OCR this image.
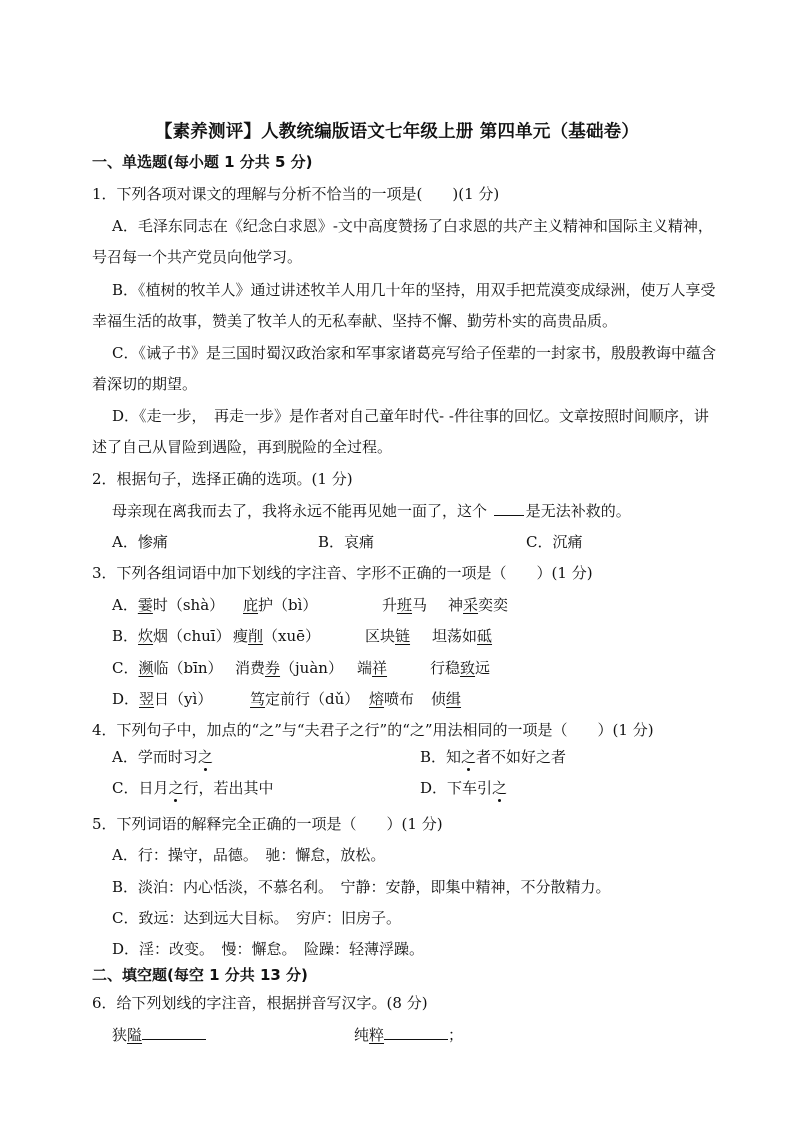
【素养测评】人教统编版语文七年级上册 第四单元（基础卷）
一、单选题(每小题 1 分共 5 分)
1．下列各项对课文的理解与分析不恰当的一项是(　　)(1 分)
A．毛泽东同志在《纪念白求恩》-文中高度赞扬了白求恩的共产主义精神和国际主义精神，
号召每一个共产党员向他学习。
B．《植树的牧羊人》通过讲述牧羊人用几十年的坚持，用双手把荒漠变成绿洲，使万人享受
幸福生活的故事，赞美了牧羊人的无私奉献、坚持不懈、勤劳朴实的高贵品质。
C．《诫子书》是三国时蜀汉政治家和军事家诸葛亮写给子侄辈的一封家书，殷殷教诲中蕴含
着深切的期望。
D．《走一步，　再走一步》是作者对自己童年时代- -件往事的回忆。文章按照时间顺序，讲
述了自己从冒险到遇险，再到脱险的全过程。
2．根据句子，选择正确的选项。(1 分)
母亲现在离我而去了，我将永远不能再见她一面了，这个	是无法补救的。
A．惨痛	B．哀痛	C．沉痛
3．下列各组词语中加下划线的字注音、字形不正确的一项是（　　）(1 分)
A．霎时（shà） 庇护（bì）	升班马 神采奕奕
B．炊烟（chuī） 瘦削（xuē）	区块链 坦荡如砥
C．濒临（bīn） 消费券（juàn） 端祥	行稳致远
D．翌日（yì）	笃定前行（dǔ） 熔喷布 侦缉
4．下列句子中，加点的“之”与“夫君子之行”的“之”用法相同的一项是（　　）(1 分)
A．学而时习之	B．知之者不如好之者
C．日月之行，若出其中	D．下车引之
5．下列词语的解释完全正确的一项是（　　）(1 分)
A．行：操守，品德。　驰：懈怠，放松。
B．淡泊：内心恬淡，不慕名利。　宁静：安静，即集中精神，不分散精力。
C．致远：达到远大目标。　穷庐：旧房子。
D．淫：改变。　慢：懈怠。　险躁：轻薄浮躁。
二、填空题(每空 1 分共 13 分)
6．给下列划线的字注音，根据拼音写汉字。(8 分)
狭隘	纯粹	；
